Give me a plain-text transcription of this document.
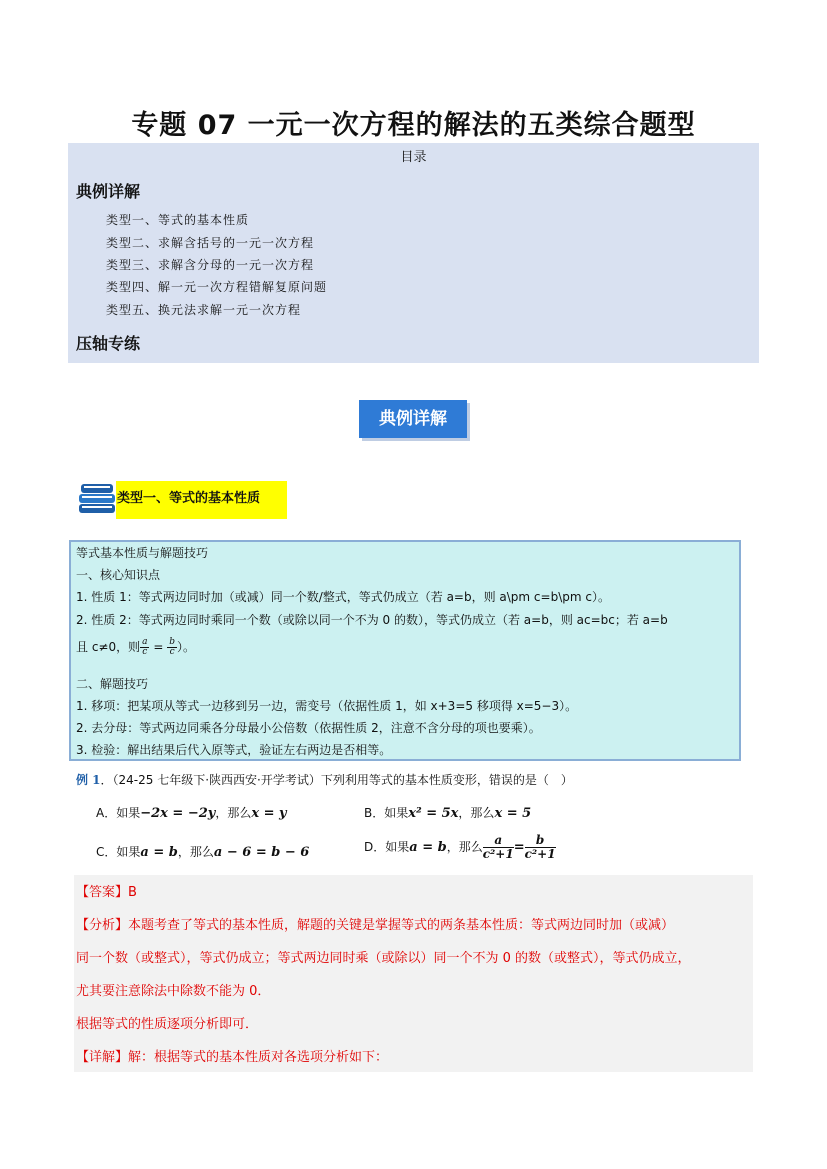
专题 07 一元一次方程的解法的五类综合题型
目录
典例详解
类型一、等式的基本性质
类型二、求解含括号的一元一次方程
类型三、求解含分母的一元一次方程
类型四、解一元一次方程错解复原问题
类型五、换元法求解一元一次方程
压轴专练
典例详解
类型一、等式的基本性质
等式基本性质与解题技巧
一、核心知识点
1. 性质 1：等式两边同时加（或减）同一个数/整式，等式仍成立（若 a=b，则 a\pm c=b\pm c）。
2. 性质 2：等式两边同时乘同一个数（或除以同一个不为 0 的数），等式仍成立（若 a=b，则 ac=bc；若 a=b
且 c≠0，则 $\frac{a}{c} = \frac{b}{c}$ ）。
二、解题技巧
1. 移项：把某项从等式一边移到另一边，需变号（依据性质 1，如 x+3=5 移项得 x=5−3）。
2. 去分母：等式两边同乘各分母最小公倍数（依据性质 2，注意不含分母的项也要乘）。
3. 检验：解出结果后代入原等式，验证左右两边是否相等。
例 1．（24-25 七年级下·陕西西安·开学考试）下列利用等式的基本性质变形，错误的是（　）
A．如果−2x = −2y，那么x = y	B．如果x² = 5x，那么x = 5
C．如果a = b，那么a − 6 = b − 6	D．如果a = b，那么 $\frac{a}{\text{c²+1}} = \frac{b}{\text{c²+1}}$
【答案】B
【分析】本题考查了等式的基本性质，解题的关键是掌握等式的两条基本性质：等式两边同时加（或减）
同一个数（或整式），等式仍成立；等式两边同时乘（或除以）同一个不为 0 的数（或整式），等式仍成立，
尤其要注意除法中除数不能为 0．
根据等式的性质逐项分析即可．
【详解】解：根据等式的基本性质对各选项分析如下：
